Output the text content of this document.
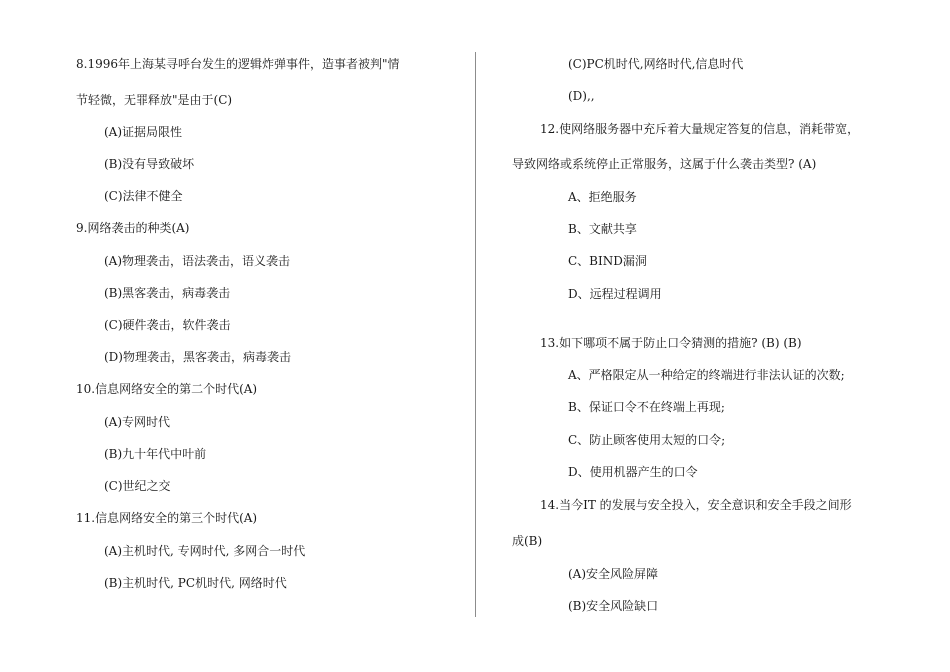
8.1996年上海某寻呼台发生的逻辑炸弹事件，造事者被判"情
节轻微，无罪释放"是由于(C)
(A)证据局限性
(B)没有导致破坏
(C)法律不健全
9.网络袭击的种类(A)
(A)物理袭击，语法袭击，语义袭击
(B)黑客袭击，病毒袭击
(C)硬件袭击，软件袭击
(D)物理袭击，黑客袭击，病毒袭击
10.信息网络安全的第二个时代(A)
(A)专网时代
(B)九十年代中叶前
(C)世纪之交
11.信息网络安全的第三个时代(A)
(A)主机时代, 专网时代, 多网合一时代
(B)主机时代, PC机时代, 网络时代
(C)PC机时代,网络时代,信息时代
(D),,
12.使网络服务器中充斥着大量规定答复的信息，消耗带宽，
导致网络或系统停止正常服务，这属于什么袭击类型? (A)
A、拒绝服务
B、文献共享
C、BIND漏洞
D、远程过程调用
13.如下哪项不属于防止口令猜测的措施? (B) (B)
A、严格限定从一种给定的终端进行非法认证的次数;
B、保证口令不在终端上再现;
C、防止顾客使用太短的口令;
D、使用机器产生的口令
14.当今IT 的发展与安全投入，安全意识和安全手段之间形
成(B)
(A)安全风险屏障
(B)安全风险缺口
